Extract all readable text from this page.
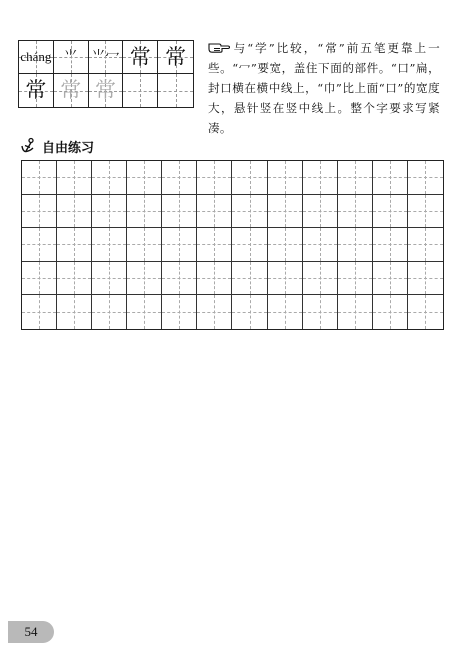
cháng ⺌ ⺌⼍ 常 常
常 常 常
与“学”比较，“常”前五笔更靠上一些。“冖”要宽，盖住下面的部件。“口”扁，封口横在横中线上，“巾”比上面“口”的宽度大，悬针竖在竖中线上。整个字要求写紧凑。
自由练习
54
